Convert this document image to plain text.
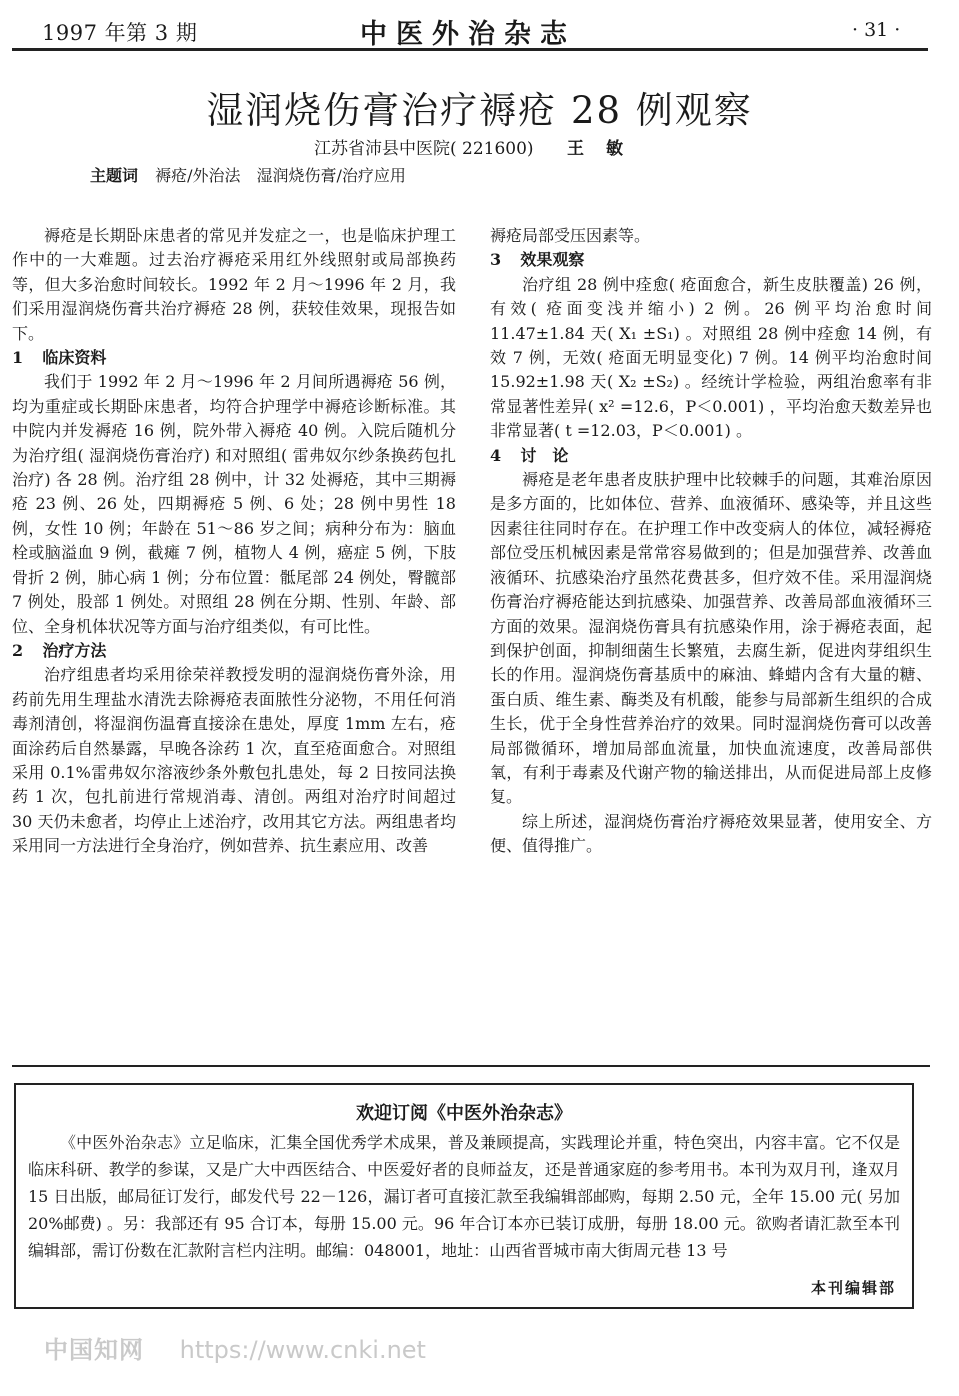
1997 年第 3 期	中医外治杂志	· 31 ·
湿润烧伤膏治疗褥疮 28 例观察
江苏省沛县中医院( 221600) 王敏
主题词 褥疮/外治法　湿润烧伤膏/治疗应用

褥疮是长期卧床患者的常见并发症之一，也是临床护理工作中的一大难题。过去治疗褥疮采用红外线照射或局部换药等，但大多治愈时间较长。1992 年 2 月～1996 年 2 月，我们采用湿润烧伤膏共治疗褥疮 28 例，获较佳效果，现报告如下。

1 临床资料

我们于 1992 年 2 月～1996 年 2 月间所遇褥疮 56 例，均为重症或长期卧床患者，均符合护理学中褥疮诊断标准。其中院内并发褥疮 16 例，院外带入褥疮 40 例。入院后随机分为治疗组( 湿润烧伤膏治疗) 和对照组( 雷弗奴尔纱条换药包扎治疗) 各 28 例。治疗组 28 例中，计 32 处褥疮，其中三期褥疮 23 例、26 处，四期褥疮 5 例、6 处；28 例中男性 18 例，女性 10 例；年龄在 51～86 岁之间；病种分布为：脑血栓或脑溢血 9 例，截瘫 7 例，植物人 4 例，癌症 5 例，下肢骨折 2 例，肺心病 1 例；分布位置：骶尾部 24 例处，臀髋部 7 例处，股部 1 例处。对照组 28 例在分期、性别、年龄、部位、全身机体状况等方面与治疗组类似，有可比性。

2 治疗方法

治疗组患者均采用徐荣祥教授发明的湿润烧伤膏外涂，用药前先用生理盐水清洗去除褥疮表面脓性分泌物，不用任何消毒剂清创，将湿润伤温膏直接涂在患处，厚度 1mm 左右，疮面涂药后自然暴露，早晚各涂药 1 次，直至疮面愈合。对照组采用 0.1%雷弗奴尔溶液纱条外敷包扎患处，每 2 日按同法换药 1 次，包扎前进行常规消毒、清创。两组对治疗时间超过 30 天仍未愈者，均停止上述治疗，改用其它方法。两组患者均采用同一方法进行全身治疗，例如营养、抗生素应用、改善

褥疮局部受压因素等。

3 效果观察

治疗组 28 例中痊愈( 疮面愈合，新生皮肤覆盖) 26 例，有效( 疮面变浅并缩小) 2 例。26 例平均治愈时间 11.47±1.84 天( X₁ ±S₁) 。对照组 28 例中痊愈 14 例，有效 7 例，无效( 疮面无明显变化) 7 例。14 例平均治愈时间 15.92±1.98 天( X₂ ±S₂) 。经统计学检验，两组治愈率有非常显著性差异( x² =12.6，P＜0.001) ，平均治愈天数差异也非常显著( t =12.03，P＜0.001) 。

4 讨　论

褥疮是老年患者皮肤护理中比较棘手的问题，其难治原因是多方面的，比如体位、营养、血液循环、感染等，并且这些因素往往同时存在。在护理工作中改变病人的体位，减轻褥疮部位受压机械因素是常常容易做到的；但是加强营养、改善血液循环、抗感染治疗虽然花费甚多，但疗效不佳。采用湿润烧伤膏治疗褥疮能达到抗感染、加强营养、改善局部血液循环三方面的效果。湿润烧伤膏具有抗感染作用，涂于褥疮表面，起到保护创面，抑制细菌生长繁殖，去腐生新，促进肉芽组织生长的作用。湿润烧伤膏基质中的麻油、蜂蜡内含有大量的糖、蛋白质、维生素、酶类及有机酸，能参与局部新生组织的合成生长，优于全身性营养治疗的效果。同时湿润烧伤膏可以改善局部微循环，增加局部血流量，加快血流速度，改善局部供氧，有利于毒素及代谢产物的输送排出，从而促进局部上皮修复。

综上所述，湿润烧伤膏治疗褥疮效果显著，使用安全、方便、值得推广。

欢迎订阅《中医外治杂志》

《中医外治杂志》立足临床，汇集全国优秀学术成果，普及兼顾提高，实践理论并重，特色突出，内容丰富。它不仅是临床科研、教学的参谋，又是广大中西医结合、中医爱好者的良师益友，还是普通家庭的参考用书。本刊为双月刊，逢双月 15 日出版，邮局征订发行，邮发代号 22－126，漏订者可直接汇款至我编辑部邮购，每期 2.50 元，全年 15.00 元( 另加 20%邮费) 。另：我部还有 95 合订本，每册 15.00 元。96 年合订本亦已装订成册，每册 18.00 元。欲购者请汇款至本刊编辑部，需订份数在汇款附言栏内注明。邮编：048001，地址：山西省晋城市南大街周元巷 13 号

本刊编辑部
中国知网 https://www.cnki.net
